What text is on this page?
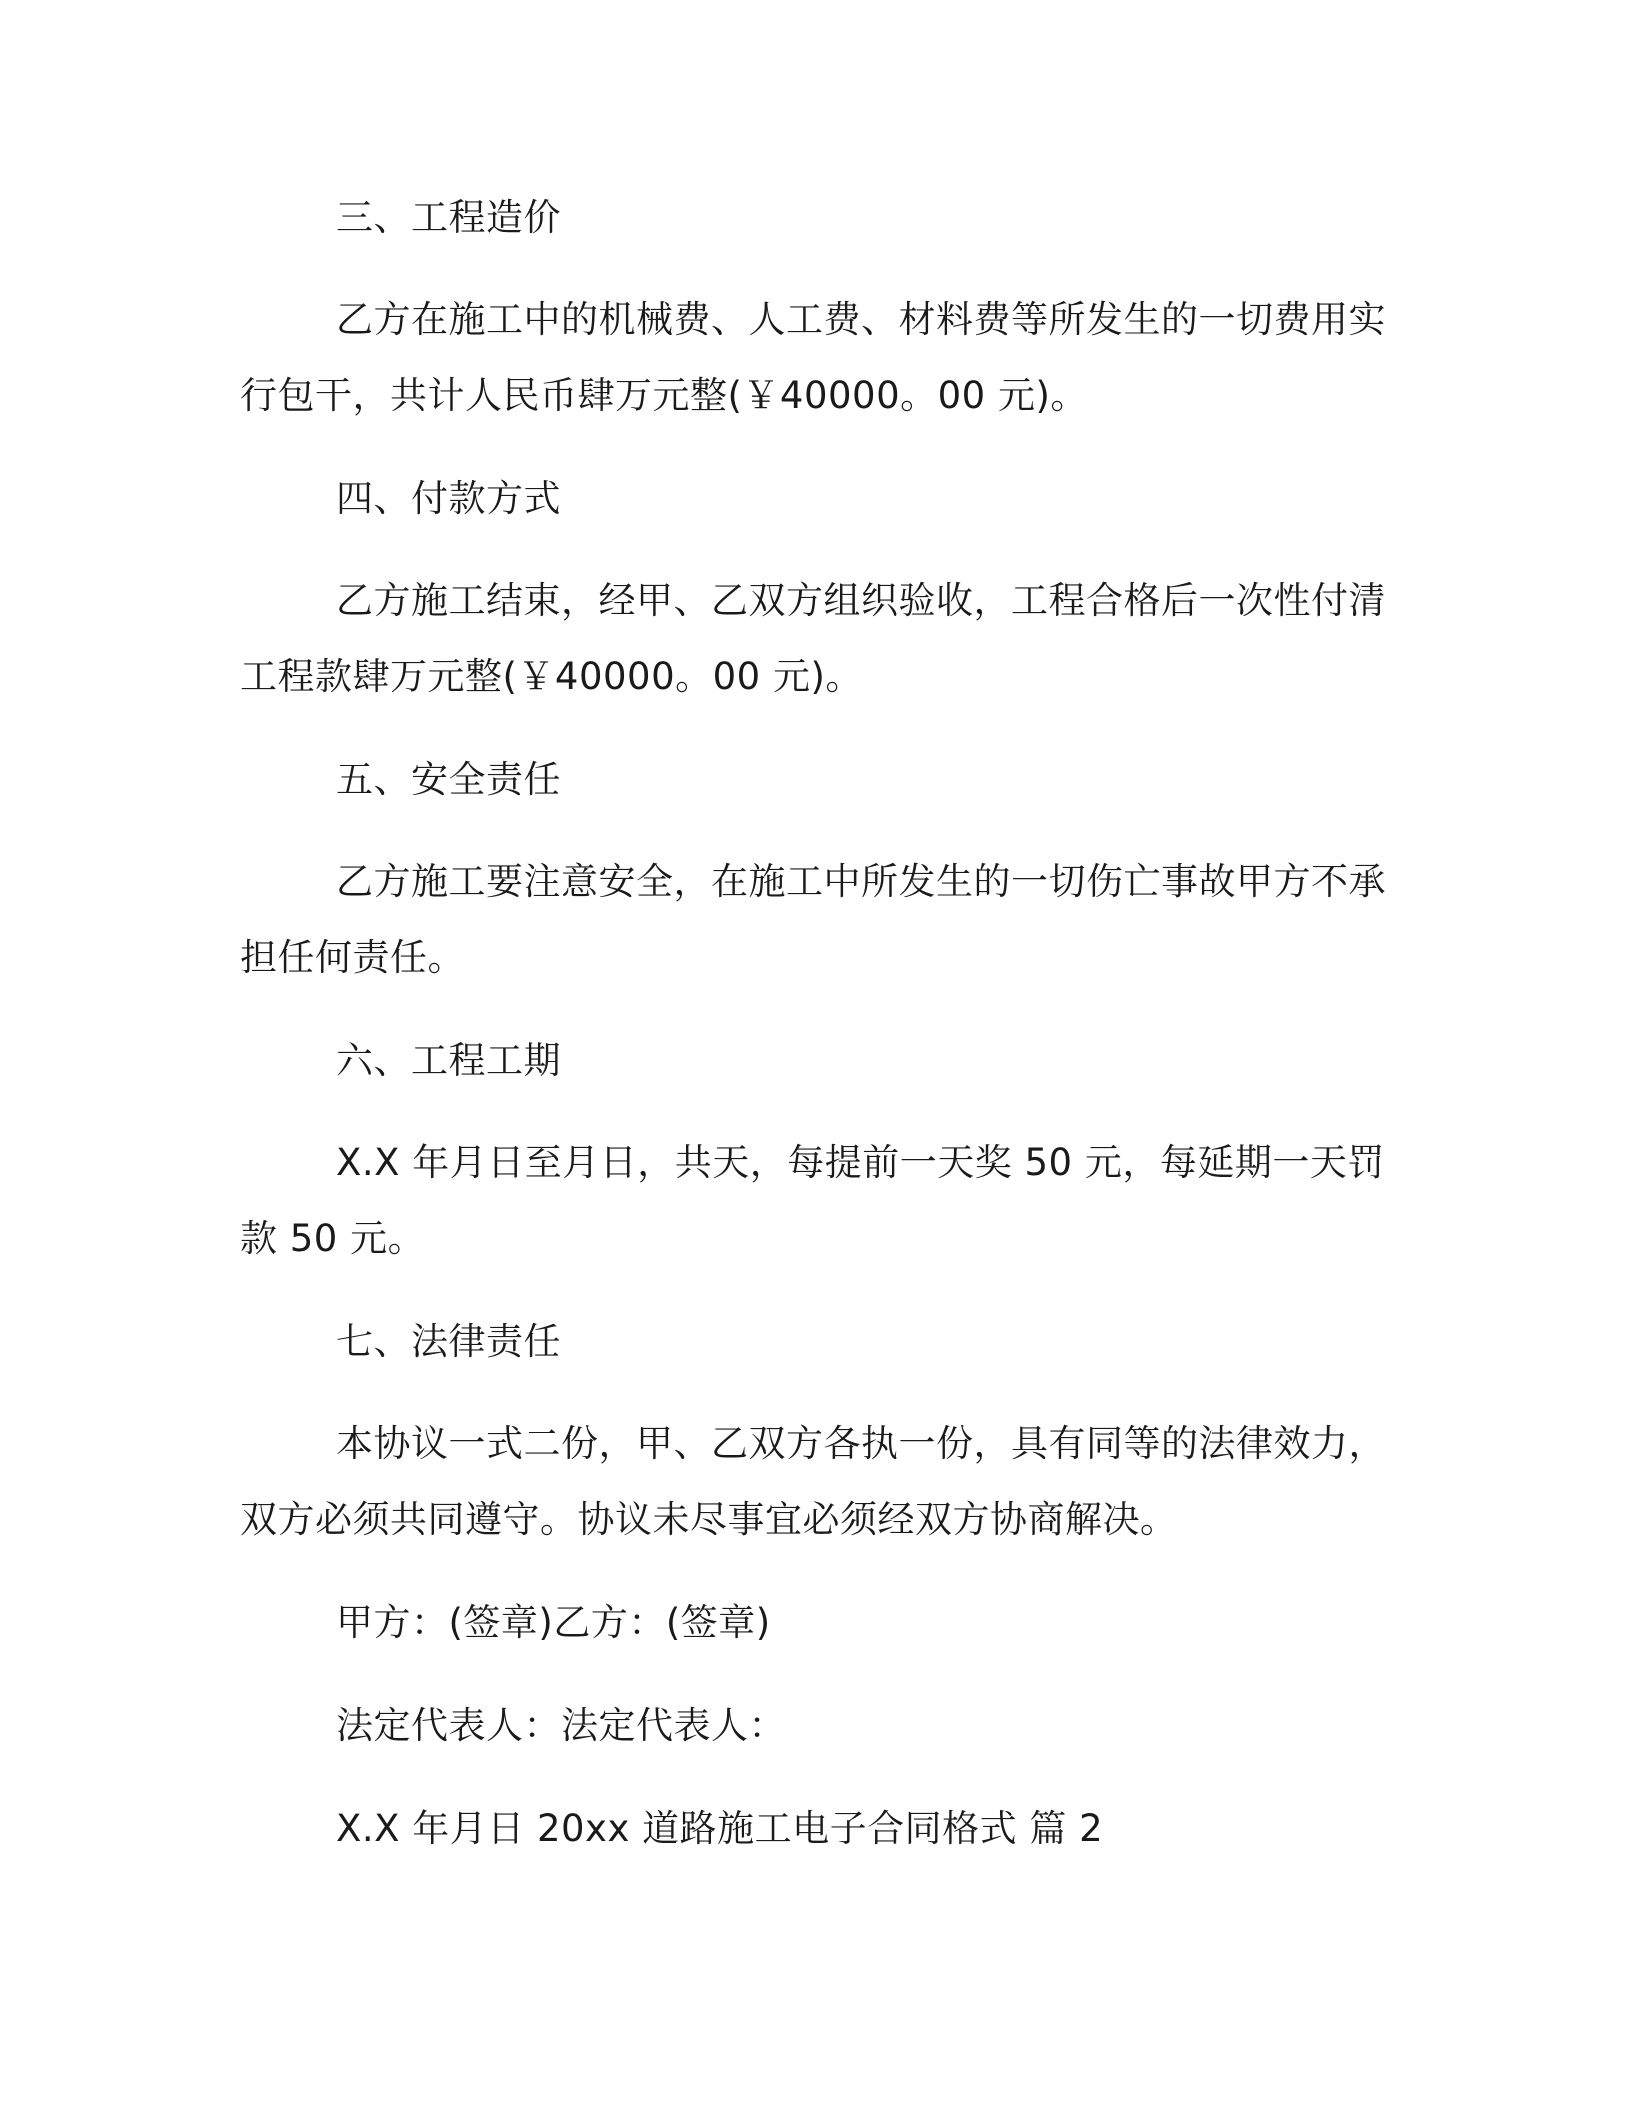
三、工程造价
乙方在施工中的机械费、人工费、材料费等所发生的一切费用实
行包干，共计人民币肆万元整(￥40000。00 元)。
四、付款方式
乙方施工结束，经甲、乙双方组织验收，工程合格后一次性付清
工程款肆万元整(￥40000。00 元)。
五、安全责任
乙方施工要注意安全，在施工中所发生的一切伤亡事故甲方不承
担任何责任。
六、工程工期
X.X 年月日至月日，共天，每提前一天奖 50 元，每延期一天罚
款 50 元。
七、法律责任
本协议一式二份，甲、乙双方各执一份，具有同等的法律效力，
双方必须共同遵守。协议未尽事宜必须经双方协商解决。
甲方：(签章)乙方：(签章)
法定代表人：法定代表人：
X.X 年月日 20xx 道路施工电子合同格式 篇 2
